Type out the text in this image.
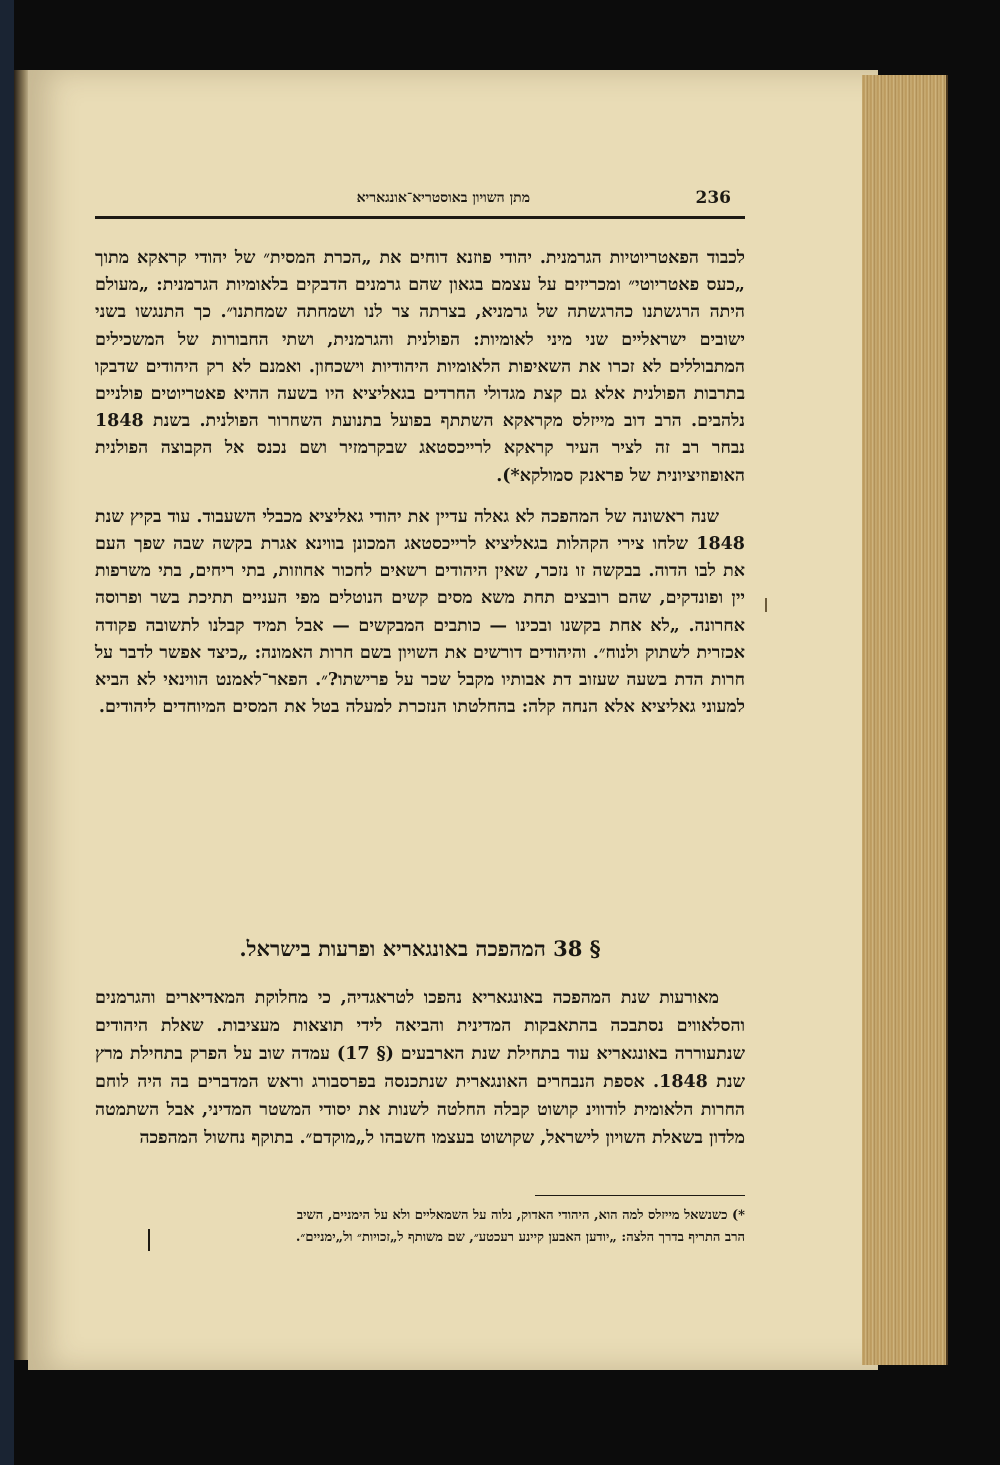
236
מתן השויון באוסטריא־אונגאריא

לכבוד הפאטריוטיות הגרמנית. יהודי פוזנא דוחים את „הכרת המסית״ של יהודי קראקא מתוך „כעס פאטריוטי״ ומכריזים על עצמם בגאון שהם גרמנים הדבקים בלאומיות הגרמנית: „מעולם היתה הרגשתנו כהרגשתה של גרמניא, בצרתה צר לנו ושמחתה שמחתנו״. כך התנגשו בשני ישובים ישראליים שני מיני לאומיות: הפולנית והגרמנית, ושתי החבורות של המשכילים המתבוללים לא זכרו את השאיפות הלאומיות היהודיות וישכחון. ואמנם לא רק היהודים שדבקו בתרבות הפולנית אלא גם קצת מגדולי החרדים בגאליציא היו בשעה ההיא פאטריוטים פולניים נלהבים. הרב דוב מייזלס מקראקא השתתף בפועל בתנועת השחרור הפולנית. בשנת 1848 נבחר רב זה לציר העיר קראקא לרייכסטאג שבקרמזיר ושם נכנס אל הקבוצה הפולנית האופוזיציונית של פראנק סמולקא*).

שנה ראשונה של המהפכה לא גאלה עדיין את יהודי גאליציא מכבלי השעבוד. עוד בקיץ שנת 1848 שלחו צירי הקהלות בגאליציא לרייכסטאג המכונן בווינא אגרת בקשה שבה שפך העם את לבו הדוה. בבקשה זו נזכר, שאין היהודים רשאים לחכור אחוזות, בתי ריחים, בתי משרפות יין ופונדקים, שהם רובצים תחת משא מסים קשים הנוטלים מפי העניים תתיכת בשר ופרוסה אחרונה. „לא אחת בקשנו ובכינו — כותבים המבקשים — אבל תמיד קבלנו לתשובה פקודה אכזרית לשתוק ולנוח״. והיהודים דורשים את השויון בשם חרות האמונה: „כיצד אפשר לדבר על חרות הדת בשעה שעזוב דת אבותיו מקבל שכר על פרישתו?״. הפאר־לאמנט הווינאי לא הביא למעוני גאליציא אלא הנחה קלה: בהחלטתו הנזכרת למעלה בטל את המסים המיוחדים ליהודים.

§ 38 המהפכה באונגאריא ופרעות בישראל.

מאורעות שנת המהפכה באונגאריא נהפכו לטראגדיה, כי מחלוקת המאדיארים והגרמנים והסלאווים נסתבכה בהתאבקות המדינית והביאה לידי תוצאות מעציבות. שאלת היהודים שנתעוררה באונגאריא עוד בתחילת שנת הארבעים (§ 17) עמדה שוב על הפרק בתחילת מרץ שנת 1848. אספת הנבחרים האונגארית שנתכנסה בפרסבורג וראש המדברים בה היה לוחם החרות הלאומית לודווינ קושוט קבלה החלטה לשנות את יסודי המשטר המדיני, אבל השתמטה מלדון בשאלת השויון לישראל, שקושוט בעצמו חשבהו ל„מוקדם״. בתוקף נחשול המהפכה

*) כשנשאל מייזלס למה הוא, היהודי האדוק, נלוה על השמאליים ולא על הימניים, השיב

הרב התריף בדרך הלצה: „יודען האבען קיינע רעכטע״, שם משותף ל„זכויות״ ול„ימניים״.
